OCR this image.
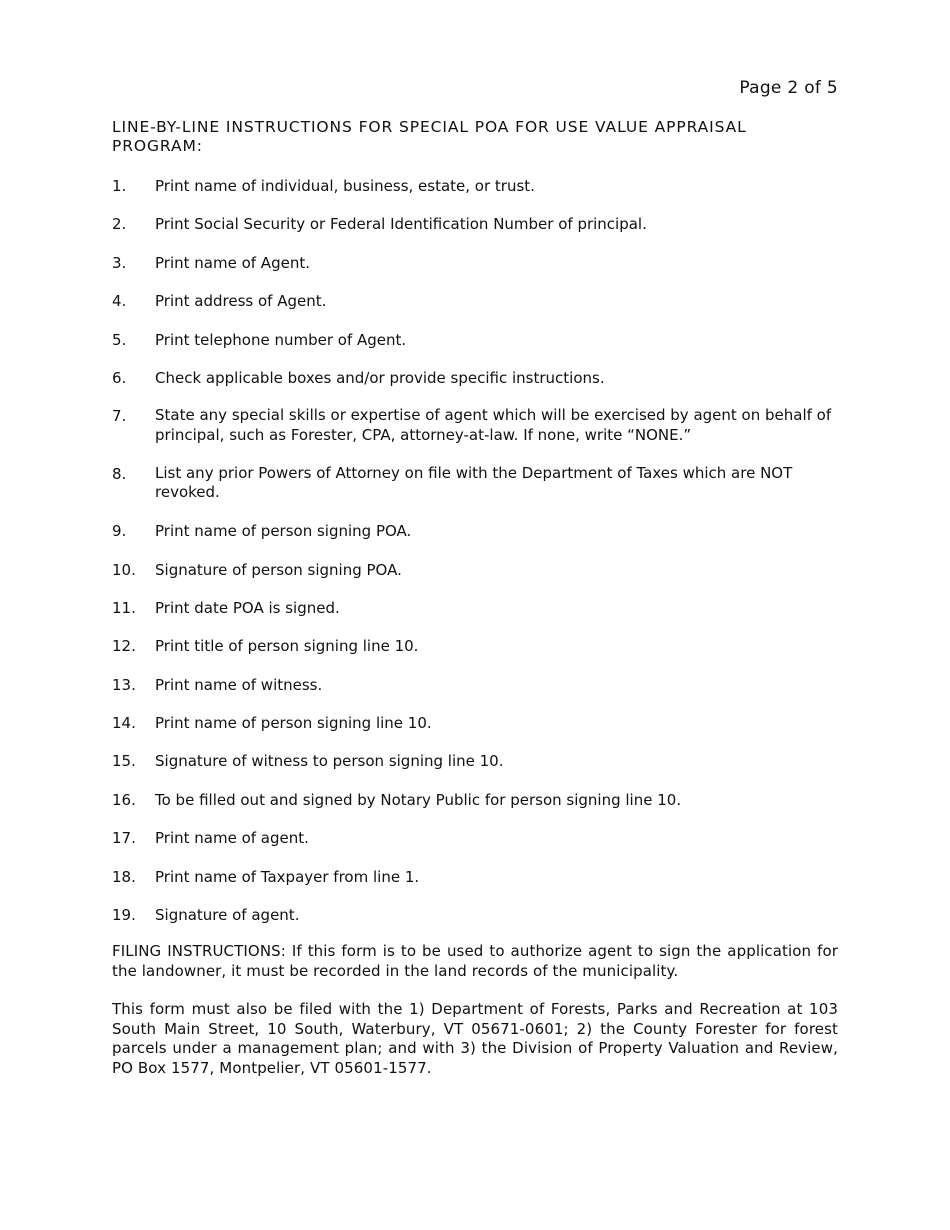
Page 2 of 5
LINE-BY-LINE INSTRUCTIONS FOR SPECIAL POA FOR USE VALUE APPRAISAL PROGRAM:
1.	Print name of individual, business, estate, or trust.
2.	Print Social Security or Federal Identification Number of principal.
3.	Print name of Agent.
4.	Print address of Agent.
5.	Print telephone number of Agent.
6.	Check applicable boxes and/or provide specific instructions.
7.	State any special skills or expertise of agent which will be exercised by agent on behalf of principal, such as Forester, CPA, attorney-at-law. If none, write “NONE.”
8.	List any prior Powers of Attorney on file with the Department of Taxes which are NOT revoked.
9.	Print name of person signing POA.
10.	Signature of person signing POA.
11.	Print date POA is signed.
12.	Print title of person signing line 10.
13.	Print name of witness.
14.	Print name of person signing line 10.
15.	Signature of witness to person signing line 10.
16.	To be filled out and signed by Notary Public for person signing line 10.
17.	Print name of agent.
18.	Print name of Taxpayer from line 1.
19.	Signature of agent.
FILING INSTRUCTIONS: If this form is to be used to authorize agent to sign the application for the landowner, it must be recorded in the land records of the municipality.
This form must also be filed with the 1) Department of Forests, Parks and Recreation at 103 South Main Street, 10 South, Waterbury, VT 05671-0601; 2) the County Forester for forest parcels under a management plan; and with 3) the Division of Property Valuation and Review, PO Box 1577, Montpelier, VT 05601-1577.
